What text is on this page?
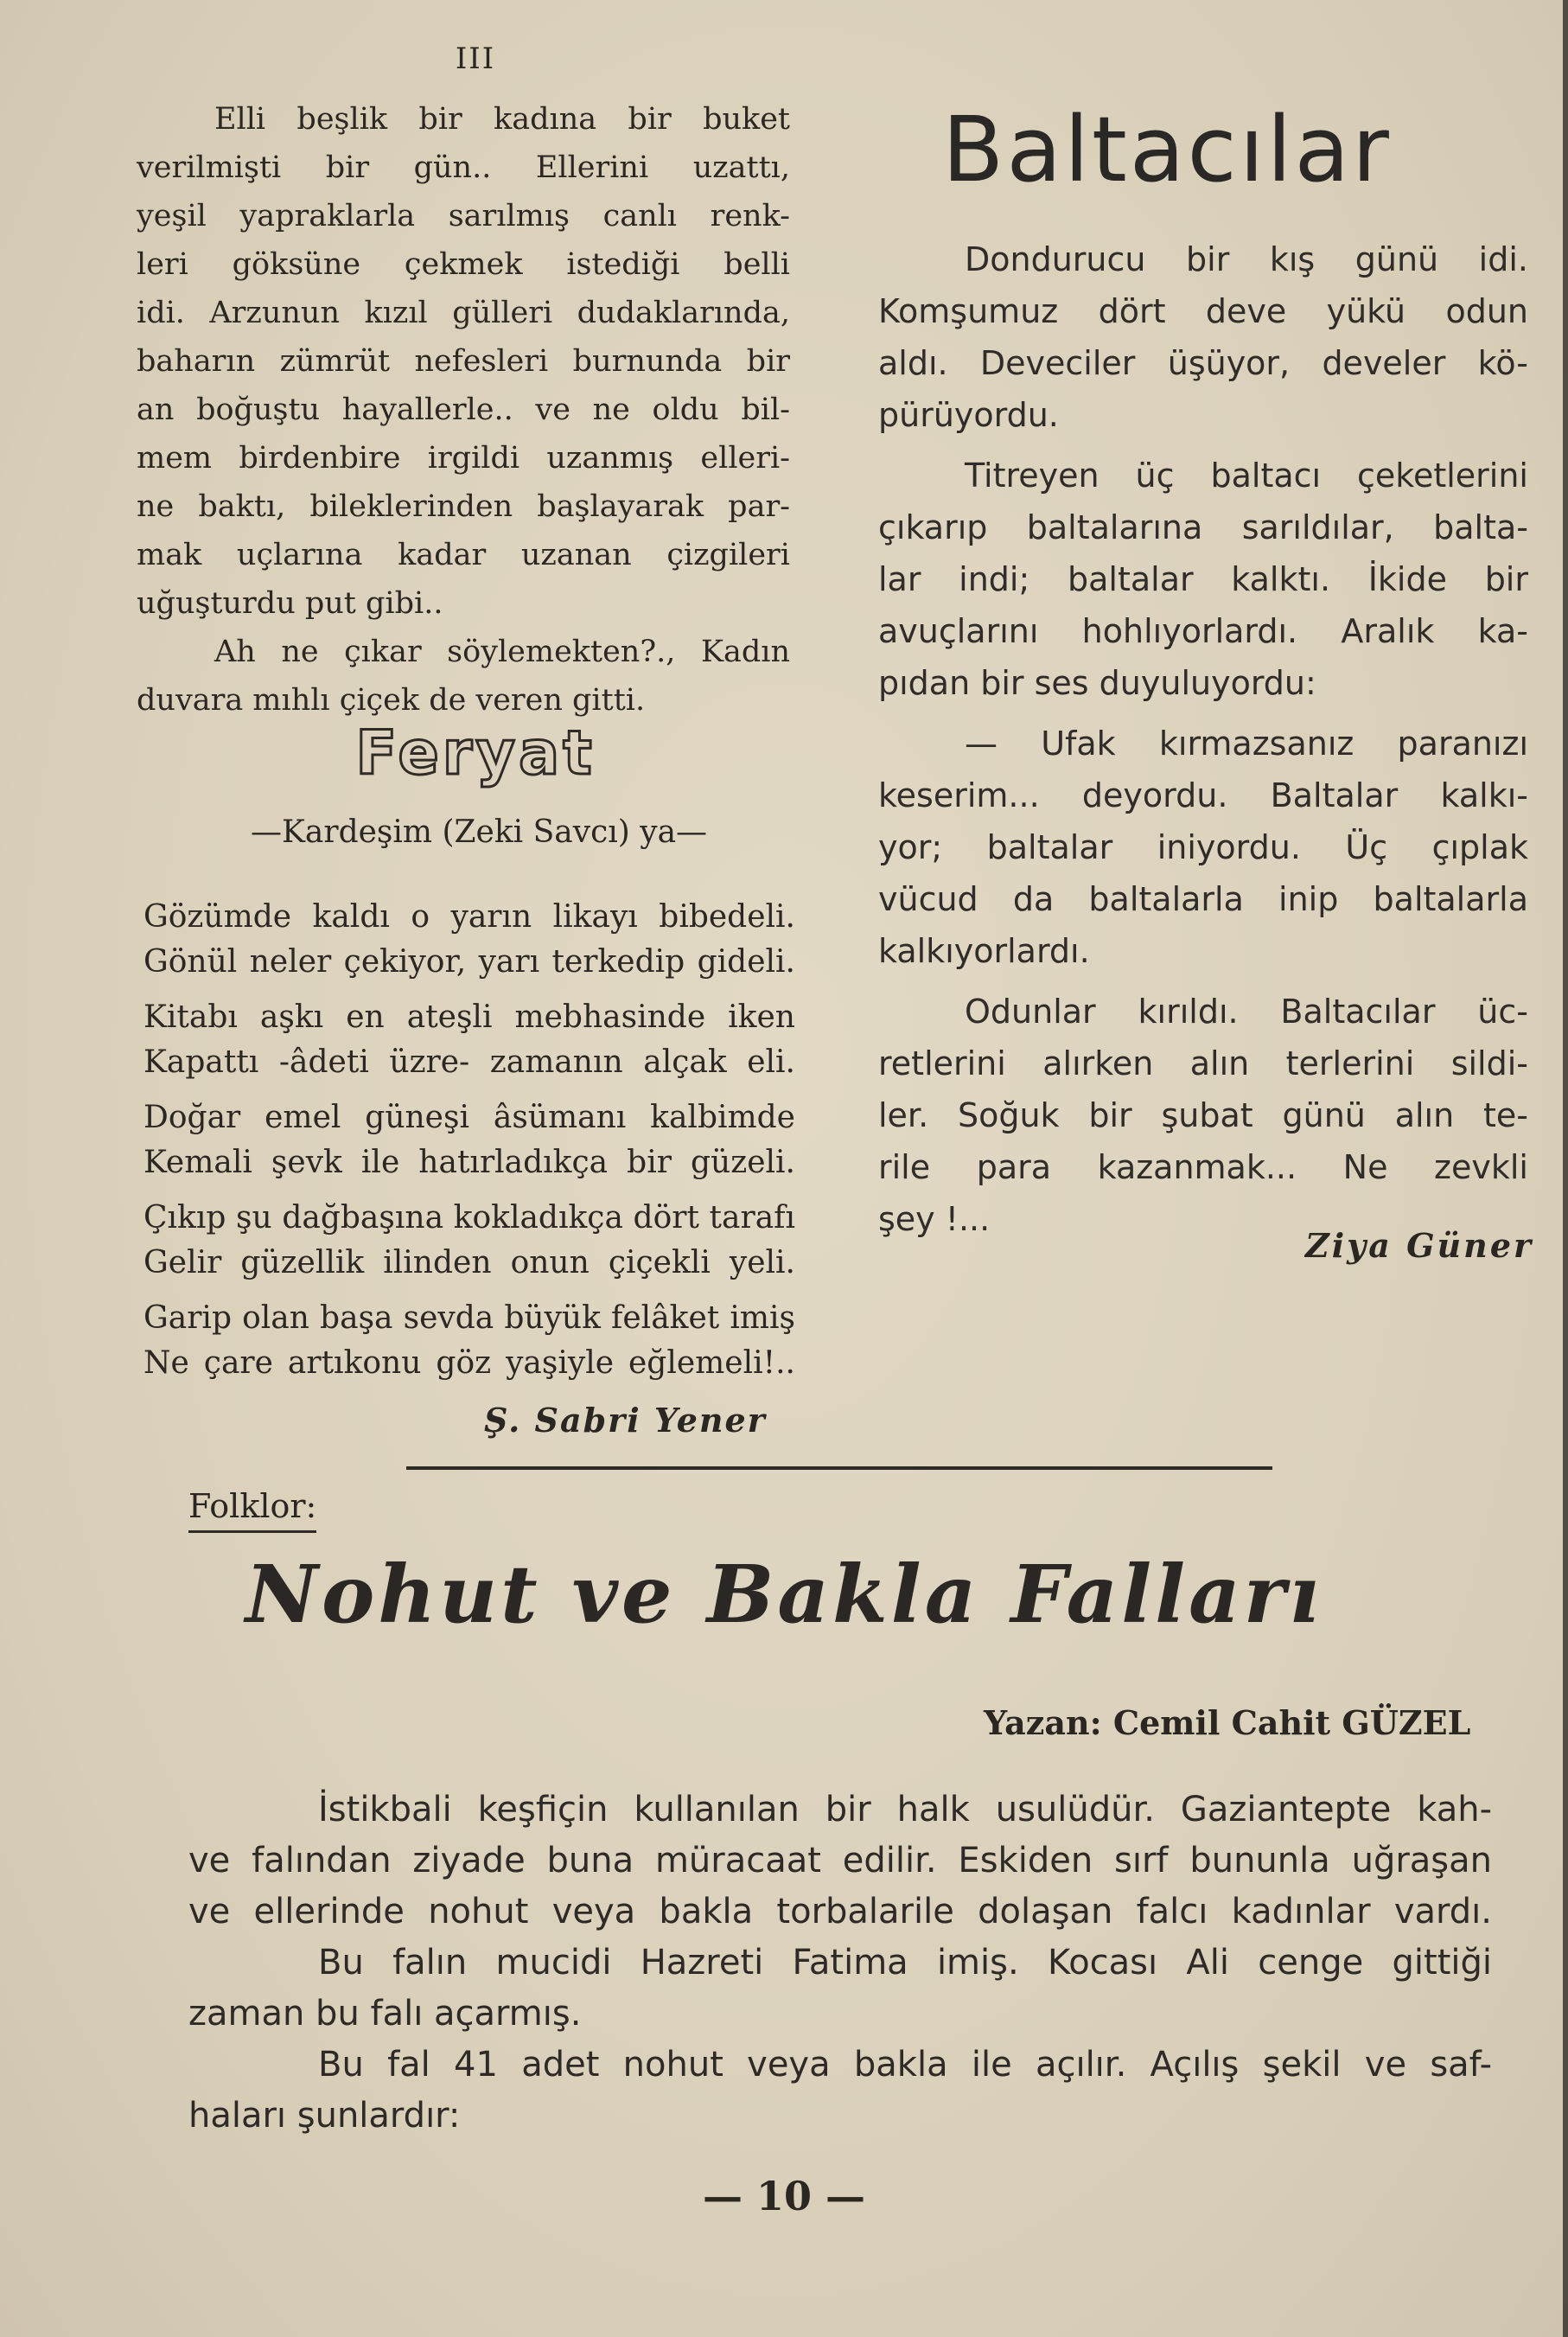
III
Elli beşlik bir kadına bir buket
verilmişti bir gün.. Ellerini uzattı,
yeşil yapraklarla sarılmış canlı renk-
leri göksüne çekmek istediği belli
idi. Arzunun kızıl gülleri dudaklarında,
baharın zümrüt nefesleri burnunda bir
an boğuştu hayallerle.. ve ne oldu bil-
mem birdenbire irgildi uzanmış elleri-
ne baktı, bileklerinden başlayarak par-
mak uçlarına kadar uzanan çizgileri
uğuşturdu put gibi..
Ah ne çıkar söylemekten?., Kadın
duvara mıhlı çiçek de veren gitti.
Feryat
—Kardeşim (Zeki Savcı) ya—
Gözümde kaldı o yarın likayı bibedeli.
Gönül neler çekiyor, yarı terkedip gideli.
Kitabı aşkı en ateşli mebhasinde iken
Kapattı -âdeti üzre- zamanın alçak eli.
Doğar emel güneşi âsümanı kalbimde
Kemali şevk ile hatırladıkça bir güzeli.
Çıkıp şu dağbaşına kokladıkça dört tarafı
Gelir güzellik ilinden onun çiçekli yeli.
Garip olan başa sevda büyük felâket imiş
Ne çare artıkonu göz yaşiyle eğlemeli!..
Ş. Sabri Yener
Baltacılar

Dondurucu bir kış günü idi.
Komşumuz dört deve yükü odun
aldı. Deveciler üşüyor, develer kö-
pürüyordu.

Titreyen üç baltacı çeketlerini
çıkarıp baltalarına sarıldılar, balta-
lar indi; baltalar kalktı. İkide bir
avuçlarını hohlıyorlardı. Aralık ka-
pıdan bir ses duyuluyordu:

— Ufak kırmazsanız paranızı
keserim... deyordu. Baltalar kalkı-
yor; baltalar iniyordu. Üç çıplak
vücud da baltalarla inip baltalarla
kalkıyorlardı.

Odunlar kırıldı. Baltacılar üc-
retlerini alırken alın terlerini sildi-
ler. Soğuk bir şubat günü alın te-
rile para kazanmak... Ne zevkli
şey !...

Ziya Güner
Folklor:
Nohut ve Bakla Falları
Yazan: Cemil Cahit GÜZEL
İstikbali keşfiçin kullanılan bir halk usulüdür. Gaziantepte kah-
ve falından ziyade buna müracaat edilir. Eskiden sırf bununla uğraşan
ve ellerinde nohut veya bakla torbalarile dolaşan falcı kadınlar vardı.
Bu falın mucidi Hazreti Fatima imiş. Kocası Ali cenge gittiği
zaman bu falı açarmış.
Bu fal 41 adet nohut veya bakla ile açılır. Açılış şekil ve saf-
haları şunlardır:
— 10 —
